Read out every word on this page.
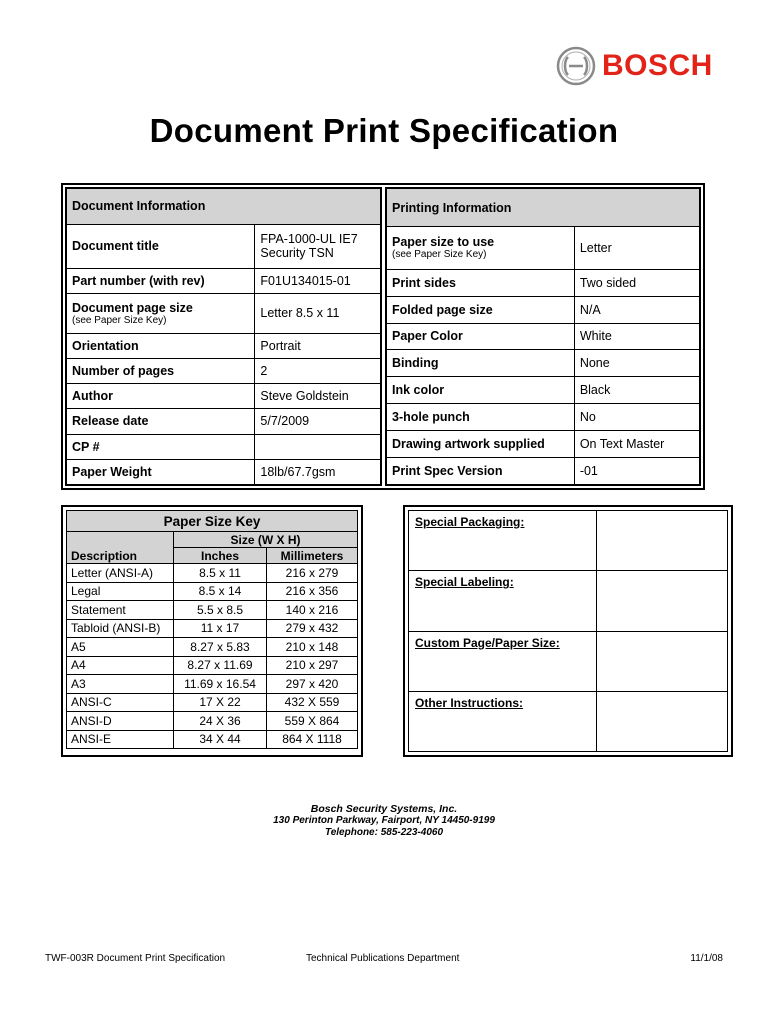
BOSCH
Document Print Specification
Document Information	
Document title	FPA-1000-UL IE7 Security TSN
Part number (with rev)	F01U134015-01
Document page size
(see Paper Size Key)	Letter 8.5 x 11
Orientation	Portrait
Number of pages	2
Author	Steve Goldstein
Release date	5/7/2009
CP #	
Paper Weight	18lb/67.7gsm
Printing Information	
Paper size to use
(see Paper Size Key)	Letter
Print sides	Two sided
Folded page size	N/A
Paper Color	White
Binding	None
Ink color	Black
3-hole punch	No
Drawing artwork supplied	On Text Master
Print Spec Version	-01
Paper Size Key		
Description	Size (W X H)	
	Inches	Millimeters
Letter (ANSI-A)	8.5 x 11	216 x 279
Legal	8.5 x 14	216 x 356
Statement	5.5 x 8.5	140 x 216
Tabloid (ANSI-B)	11 x 17	279 x 432
A5	8.27 x 5.83	210 x 148
A4	8.27 x 11.69	210 x 297
A3	11.69 x 16.54	297 x 420
ANSI-C	17 X 22	432 X 559
ANSI-D	24 X 36	559 X 864
ANSI-E	34 X 44	864 X 1118
Special Packaging:	
Special Labeling:	
Custom Page/Paper Size:	
Other Instructions:	
Bosch Security Systems, Inc.
130 Perinton Parkway, Fairport, NY 14450-9199
Telephone: 585-223-4060
TWF-003R Document Print Specification	Technical Publications Department	11/1/08
